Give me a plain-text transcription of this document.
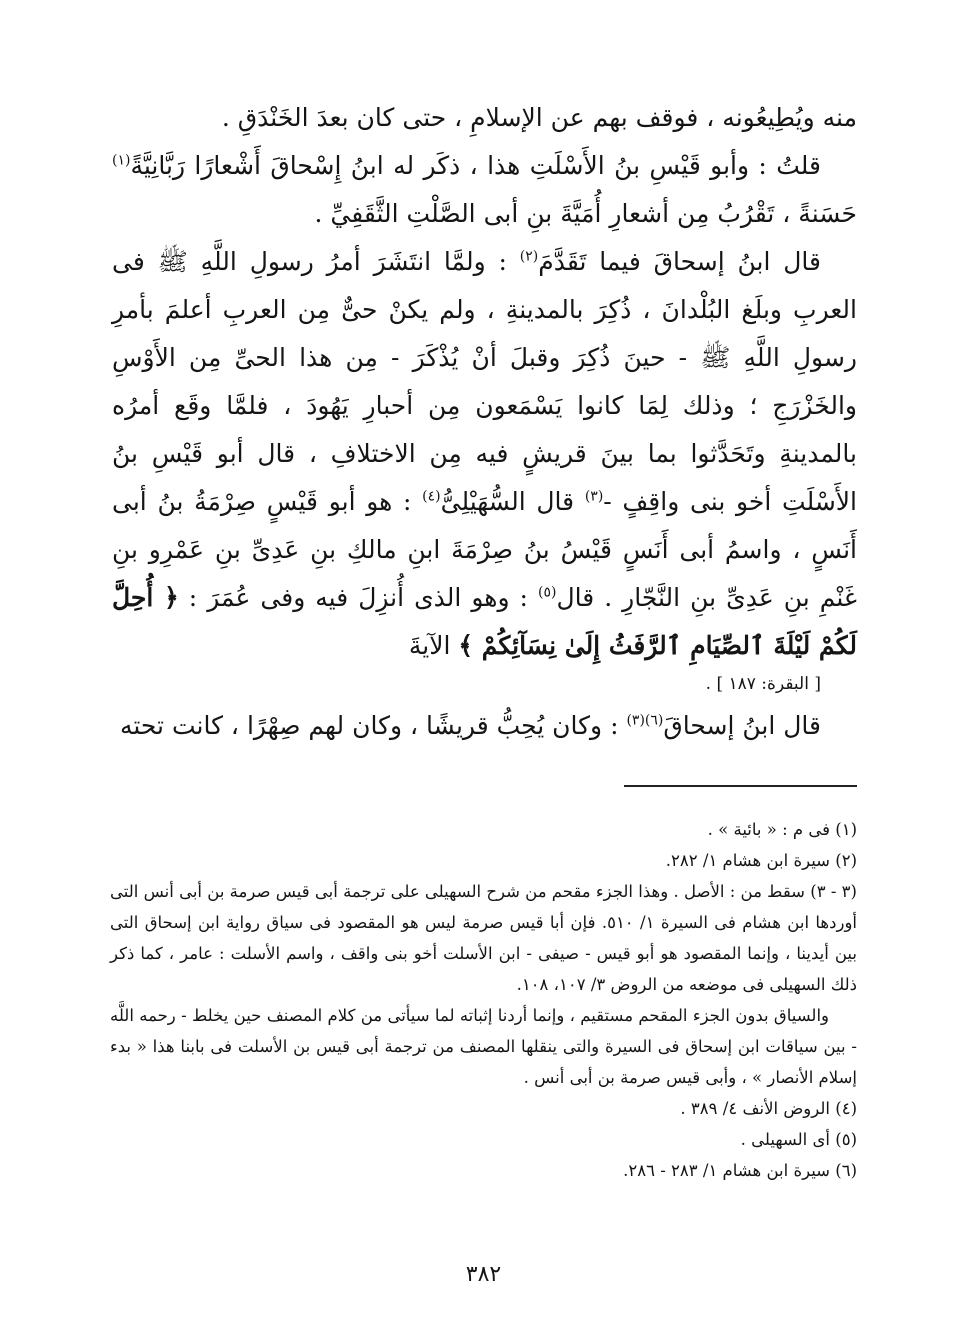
منه ويُطِيعُونه ، فوقف بهم عن الإسلامِ ، حتى كان بعدَ الخَنْدَقِ .

قلتُ : وأبو قَيْسِ بنُ الأَسْلَتِ هذا ، ذكَر له ابنُ إِسْحاقَ أَشْعارًا رَبَّانِيَّةً$^{(١)}$ حَسَنةً ، تَقْرُبُ مِن أشعارِ أُمَيَّةَ بنِ أبى الصَّلْتِ الثَّقَفِيِّ .

قال ابنُ إسحاقَ فيما تَقَدَّمَ$^{(٢)}$ : ولمَّا انتَشَرَ أمرُ رسولِ اللَّهِ ﷺ فى العربِ وبلَغ البُلْدانَ ، ذُكِرَ بالمدينةِ ، ولم يكنْ حىٌّ مِن العربِ أعلمَ بأمرِ رسولِ اللَّهِ ﷺ - حينَ ذُكِرَ وقبلَ أنْ يُذْكَرَ - مِن هذا الحىِّ مِن الأَوْسِ والخَزْرَجِ ؛ وذلك لِمَا كانوا يَسْمَعون مِن أحبارِ يَهُودَ ، فلمَّا وقَع أمرُه بالمدينةِ وتَحَدَّثوا بما بينَ قريشٍ فيه مِن الاختلافِ ، قال أبو قَيْسِ بنُ الأَسْلَتِ أخو بنى واقِفٍ -$^{(٣)}$ قال السُّهَيْلِىُّ$^{(٤)}$ : هو أبو قَيْسٍ صِرْمَةُ بنُ أبى أَنَسٍ ، واسمُ أبى أَنَسٍ قَيْسُ بنُ صِرْمَةَ ابنِ مالكِ بنِ عَدِىِّ بنِ عَمْرِو بنِ غَنْمِ بنِ عَدِىِّ بنِ النَّجّارِ . قال$^{(٥)}$ : وهو الذى أُنزِلَ فيه وفى عُمَرَ : ﴿ أُحِلَّ لَكُمْ لَيْلَةَ ٱلصِّيَامِ ٱلرَّفَثُ إِلَىٰ نِسَآئِكُمْ ﴾ الآيةَ
[ البقرة: ١٨٧ ] .

قال ابنُ إسحاقَ$^{(٦)(٣)}$ : وكان يُحِبُّ قريشًا ، وكان لهم صِهْرًا ، كانت تحته

(١) فى م : « بائية » .

(٢) سيرة ابن هشام ١/ ٢٨٢.

(٣ - ٣) سقط من : الأصل . وهذا الجزء مقحم من شرح السهيلى على ترجمة أبى قيس صرمة بن أبى أنس التى أوردها ابن هشام فى السيرة ١/ ٥١٠. فإن أبا قيس صرمة ليس هو المقصود فى سياق رواية ابن إسحاق التى بين أيدينا ، وإنما المقصود هو أبو قيس - صيفى - ابن الأسلت أخو بنى واقف ، واسم الأسلت : عامر ، كما ذكر ذلك السهيلى فى موضعه من الروض ٣/ ١٠٧، ١٠٨.

والسياق بدون الجزء المقحم مستقيم ، وإنما أردنا إثباته لما سيأتى من كلام المصنف حين يخلط - رحمه اللَّه - بين سياقات ابن إسحاق فى السيرة والتى ينقلها المصنف من ترجمة أبى قيس بن الأسلت فى بابنا هذا « بدء إسلام الأنصار » ، وأبى قيس صرمة بن أبى أنس .

(٤) الروض الأنف ٤/ ٣٨٩ .

(٥) أى السهيلى .

(٦) سيرة ابن هشام ١/ ٢٨٣ - ٢٨٦.

٣٨٢
